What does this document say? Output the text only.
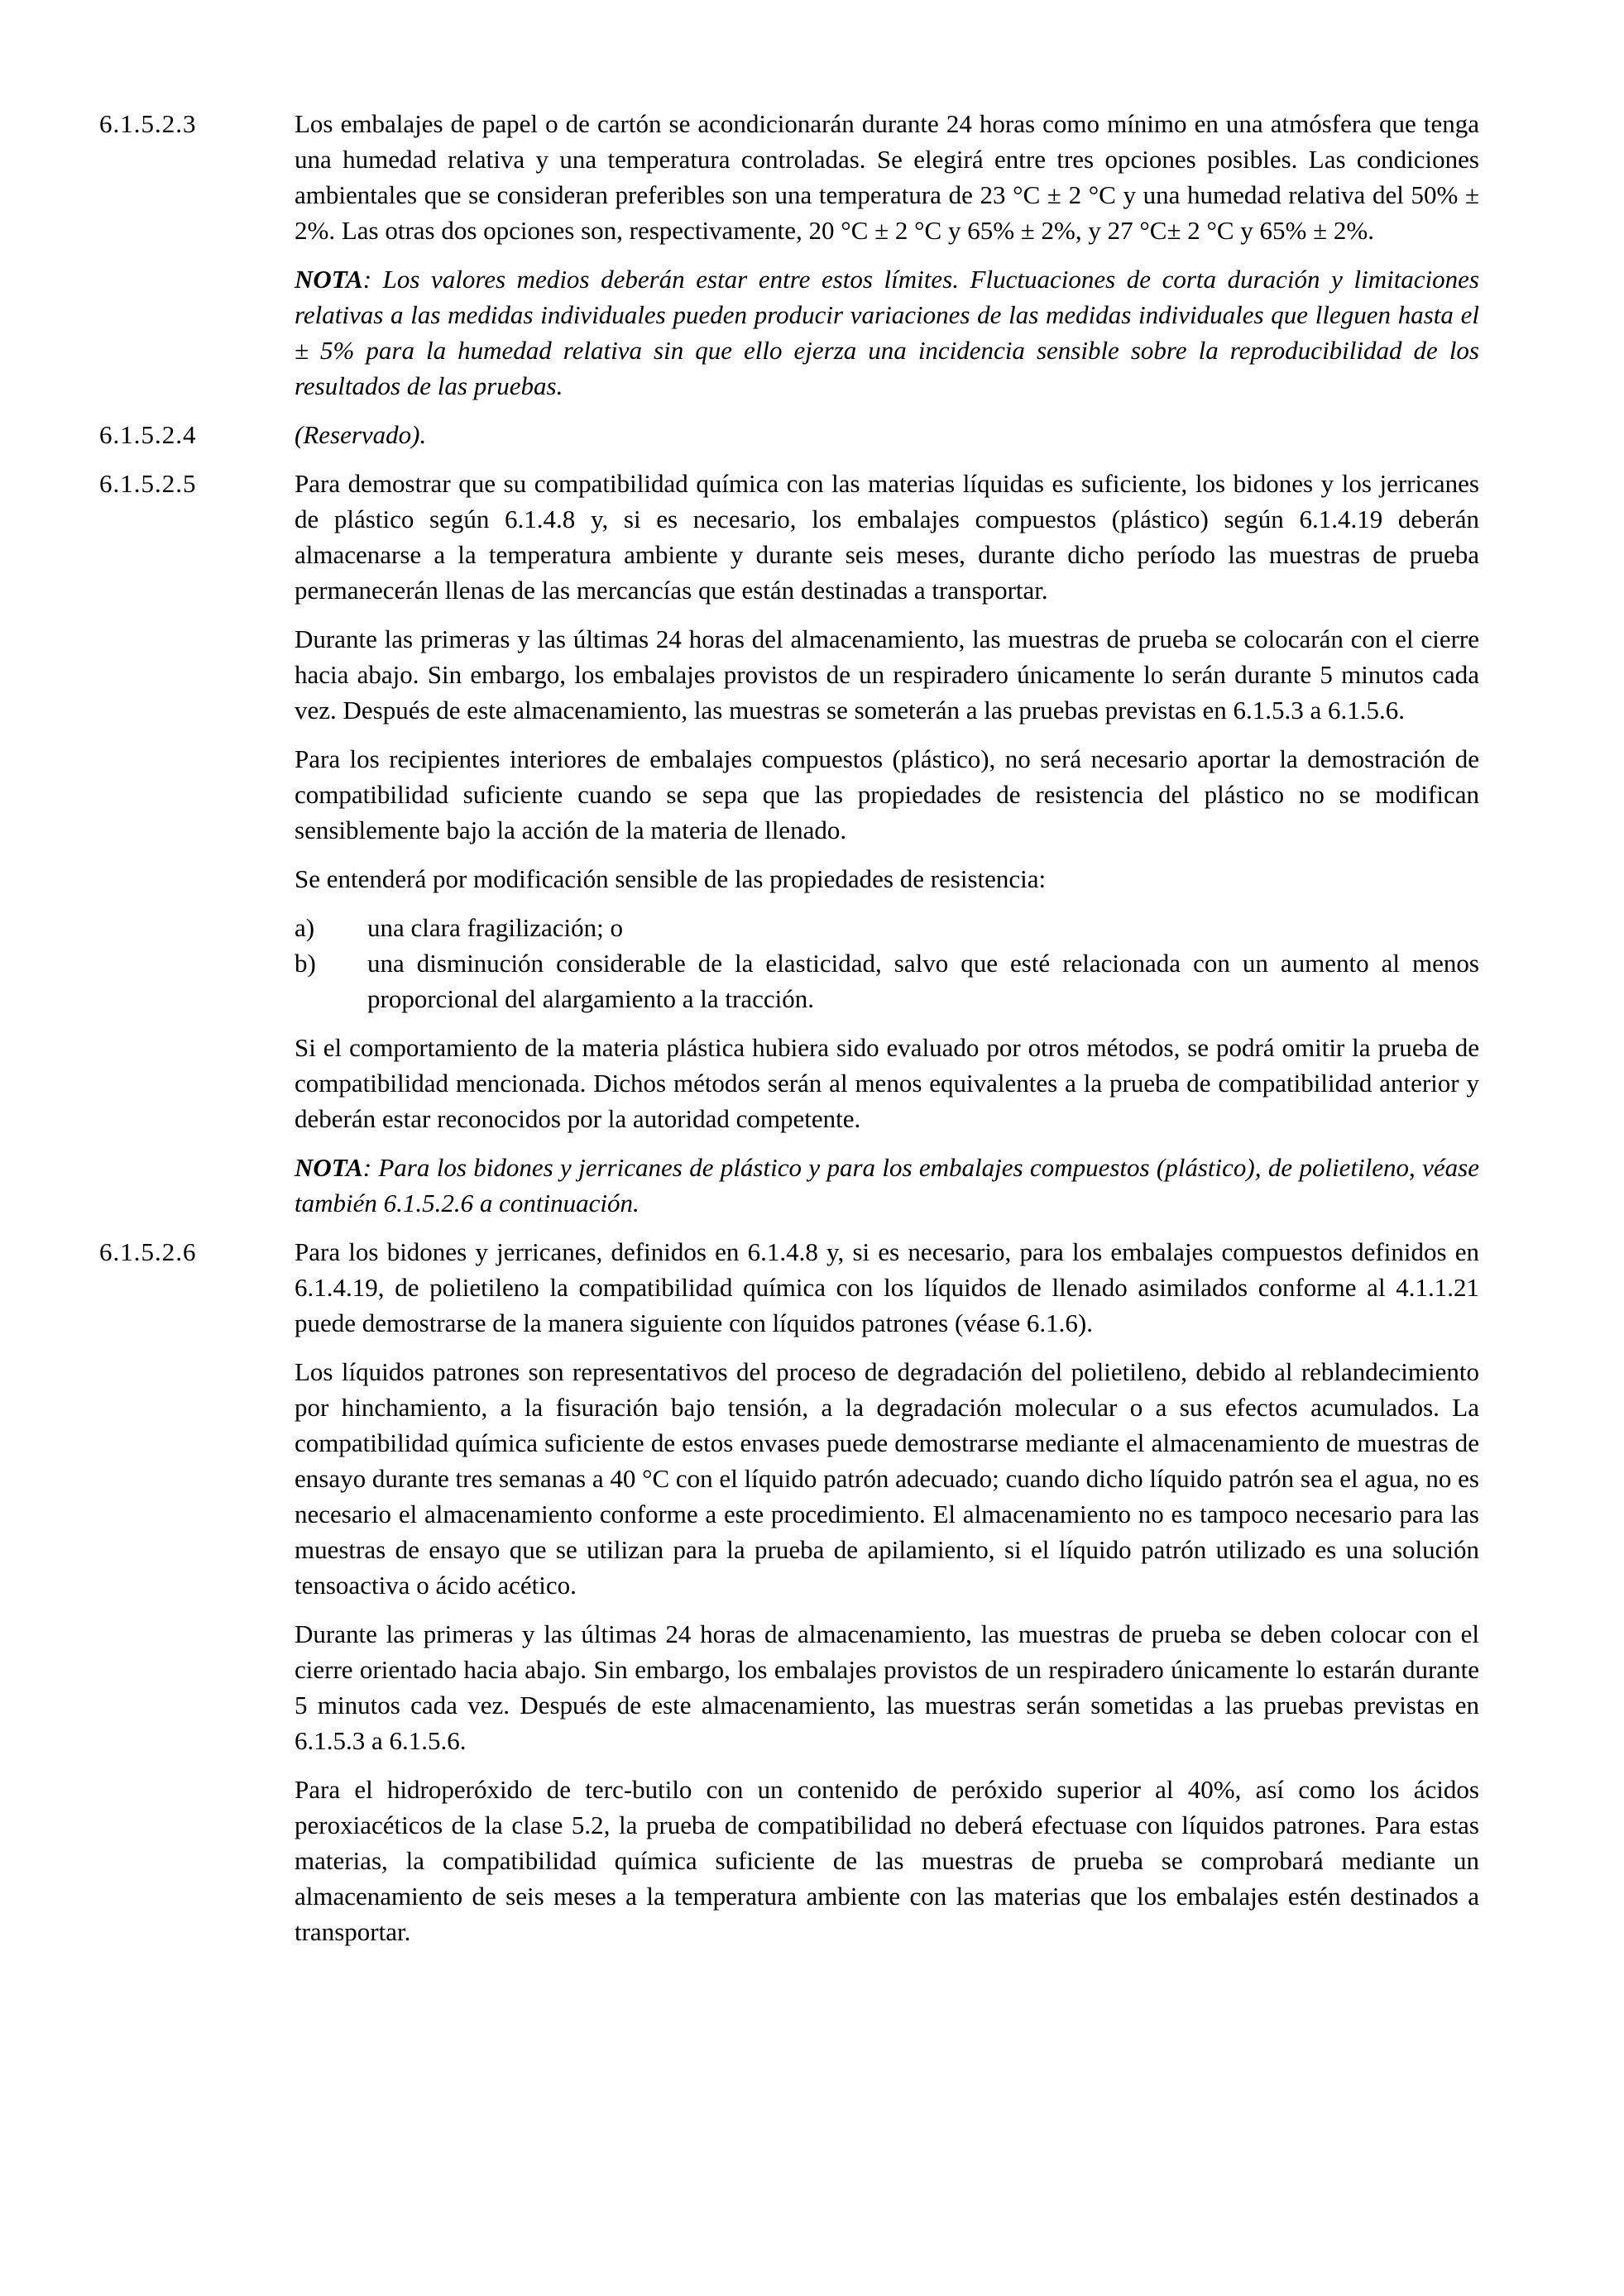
6.1.5.2.3	Los embalajes de papel o de cartón se acondicionarán durante 24 horas como mínimo en una atmósfera que tenga una humedad relativa y una temperatura controladas. Se elegirá entre tres opciones posibles. Las condiciones ambientales que se consideran preferibles son una temperatura de 23 °C ± 2 °C y una humedad relativa del 50% ± 2%. Las otras dos opciones son, respectivamente, 20 °C ± 2 °C y 65% ± 2%, y 27 °C± 2 °C y 65% ± 2%.

NOTA: Los valores medios deberán estar entre estos límites. Fluctuaciones de corta duración y limitaciones relativas a las medidas individuales pueden producir variaciones de las medidas individuales que lleguen hasta el ± 5% para la humedad relativa sin que ello ejerza una incidencia sensible sobre la reproducibilidad de los resultados de las pruebas.

6.1.5.2.4	(Reservado).

6.1.5.2.5	Para demostrar que su compatibilidad química con las materias líquidas es suficiente, los bidones y los jerricanes de plástico según 6.1.4.8 y, si es necesario, los embalajes compuestos (plástico) según 6.1.4.19 deberán almacenarse a la temperatura ambiente y durante seis meses, durante dicho período las muestras de prueba permanecerán llenas de las mercancías que están destinadas a transportar.

Durante las primeras y las últimas 24 horas del almacenamiento, las muestras de prueba se colocarán con el cierre hacia abajo. Sin embargo, los embalajes provistos de un respiradero únicamente lo serán durante 5 minutos cada vez. Después de este almacenamiento, las muestras se someterán a las pruebas previstas en 6.1.5.3 a 6.1.5.6.

Para los recipientes interiores de embalajes compuestos (plástico), no será necesario aportar la demostración de compatibilidad suficiente cuando se sepa que las propiedades de resistencia del plástico no se modifican sensiblemente bajo la acción de la materia de llenado.

Se entenderá por modificación sensible de las propiedades de resistencia:

a)	una clara fragilización; o
b)	una disminución considerable de la elasticidad, salvo que esté relacionada con un aumento al menos proporcional del alargamiento a la tracción.

Si el comportamiento de la materia plástica hubiera sido evaluado por otros métodos, se podrá omitir la prueba de compatibilidad mencionada. Dichos métodos serán al menos equivalentes a la prueba de compatibilidad anterior y deberán estar reconocidos por la autoridad competente.

NOTA: Para los bidones y jerricanes de plástico y para los embalajes compuestos (plástico), de polietileno, véase también 6.1.5.2.6 a continuación.

6.1.5.2.6	Para los bidones y jerricanes, definidos en 6.1.4.8 y, si es necesario, para los embalajes compuestos definidos en 6.1.4.19, de polietileno la compatibilidad química con los líquidos de llenado asimilados conforme al 4.1.1.21 puede demostrarse de la manera siguiente con líquidos patrones (véase 6.1.6).

Los líquidos patrones son representativos del proceso de degradación del polietileno, debido al reblandecimiento por hinchamiento, a la fisuración bajo tensión, a la degradación molecular o a sus efectos acumulados. La compatibilidad química suficiente de estos envases puede demostrarse mediante el almacenamiento de muestras de ensayo durante tres semanas a 40 °C con el líquido patrón adecuado; cuando dicho líquido patrón sea el agua, no es necesario el almacenamiento conforme a este procedimiento. El almacenamiento no es tampoco necesario para las muestras de ensayo que se utilizan para la prueba de apilamiento, si el líquido patrón utilizado es una solución tensoactiva o ácido acético.

Durante las primeras y las últimas 24 horas de almacenamiento, las muestras de prueba se deben colocar con el cierre orientado hacia abajo. Sin embargo, los embalajes provistos de un respiradero únicamente lo estarán durante 5 minutos cada vez. Después de este almacenamiento, las muestras serán sometidas a las pruebas previstas en 6.1.5.3 a 6.1.5.6.

Para el hidroperóxido de terc-butilo con un contenido de peróxido superior al 40%, así como los ácidos peroxiacéticos de la clase 5.2, la prueba de compatibilidad no deberá efectuase con líquidos patrones. Para estas materias, la compatibilidad química suficiente de las muestras de prueba se comprobará mediante un almacenamiento de seis meses a la temperatura ambiente con las materias que los embalajes estén destinados a transportar.
